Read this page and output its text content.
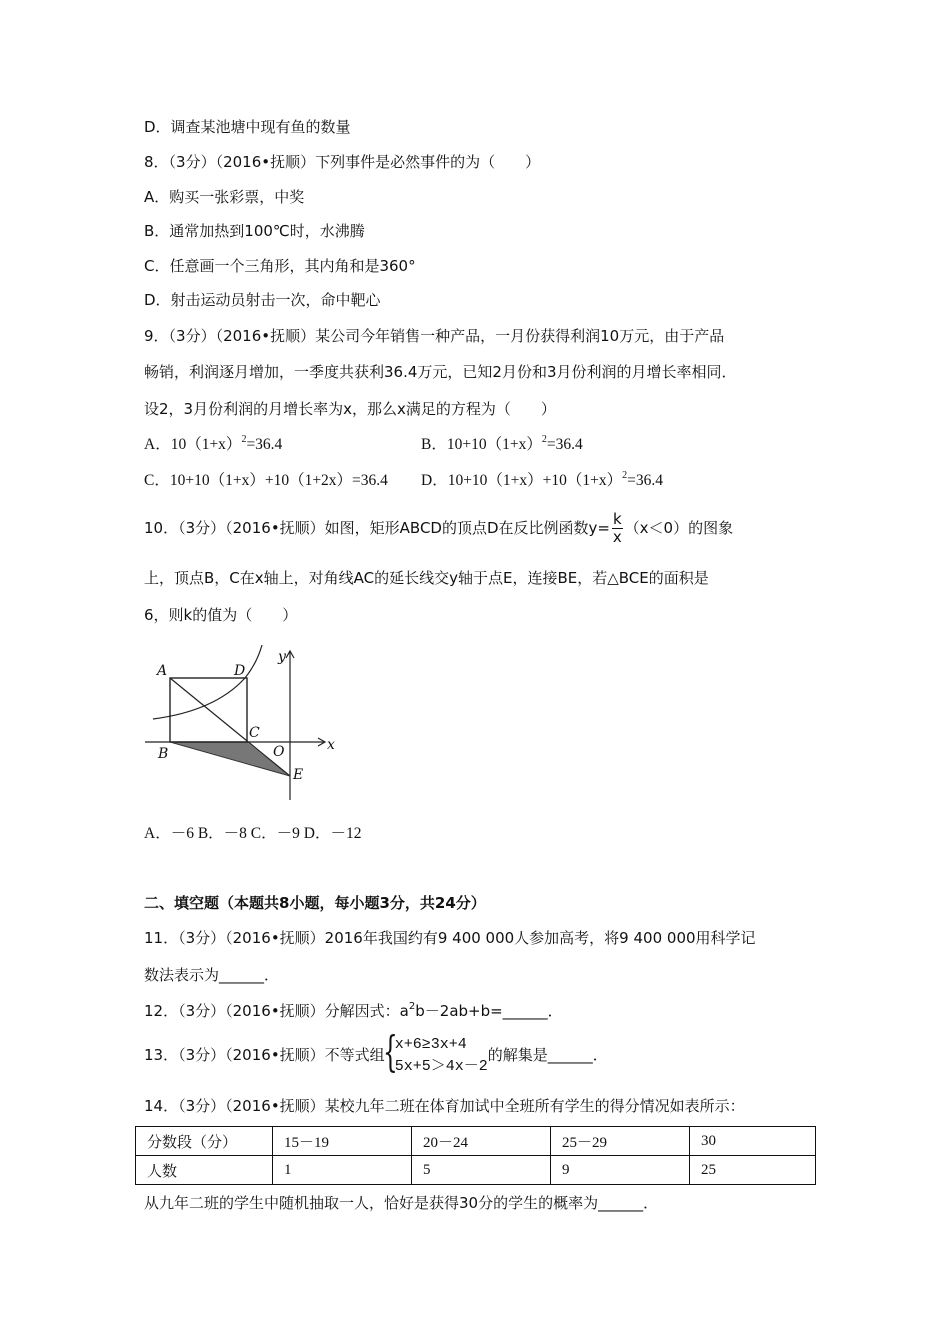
D．调查某池塘中现有鱼的数量
8．（3分）（2016•抚顺）下列事件是必然事件的为（　　）
A．购买一张彩票，中奖
B．通常加热到100℃时，水沸腾
C．任意画一个三角形，其内角和是360°
D．射击运动员射击一次，命中靶心
9．（3分）（2016•抚顺）某公司今年销售一种产品，一月份获得利润10万元，由于产品
畅销，利润逐月增加，一季度共获利36.4万元，已知2月份和3月份利润的月增长率相同．
设2，3月份利润的月增长率为x，那么x满足的方程为（　　）
A．$10(1+x)^2=36.4$	B．$10+10(1+x)^2=36.4$
C．10+10（1+x）+10（1+2x）=36.4 D．$10+10(1+x)+10(1+x)^2=36.4$
10．（3分）（2016•抚顺）如图，矩形ABCD的顶点D在反比例函数$y= \frac{k}{x} (x<0)$的图象
上，顶点B，C在x轴上，对角线AC的延长线交y轴于点E，连接BE，若△BCE的面积是
6，则k的值为（　　）
A	D
C
B	O
E
x
y
A．－6 B．－8 C．－9 D．－12
二、填空题（本题共8小题，每小题3分，共24分）
11．（3分）（2016•抚顺）2016年我国约有9 400 000人参加高考，将9 400 000用科学记
数法表示为______．
12．（3分）（2016•抚顺）分解因式：$a^2b-2ab+b=\_\_\_\_\_\_$．
13．（3分）（2016•抚顺）不等式组
{
x+6≥3x+4
5x+5＞4x－2
的解集是______．
14．（3分）（2016•抚顺）某校九年二班在体育加试中全班所有学生的得分情况如表所示：
分数段（分）	15－19	20－24	25－29	30
人数	1	5	9	25
从九年二班的学生中随机抽取一人，恰好是获得30分的学生的概率为______．
